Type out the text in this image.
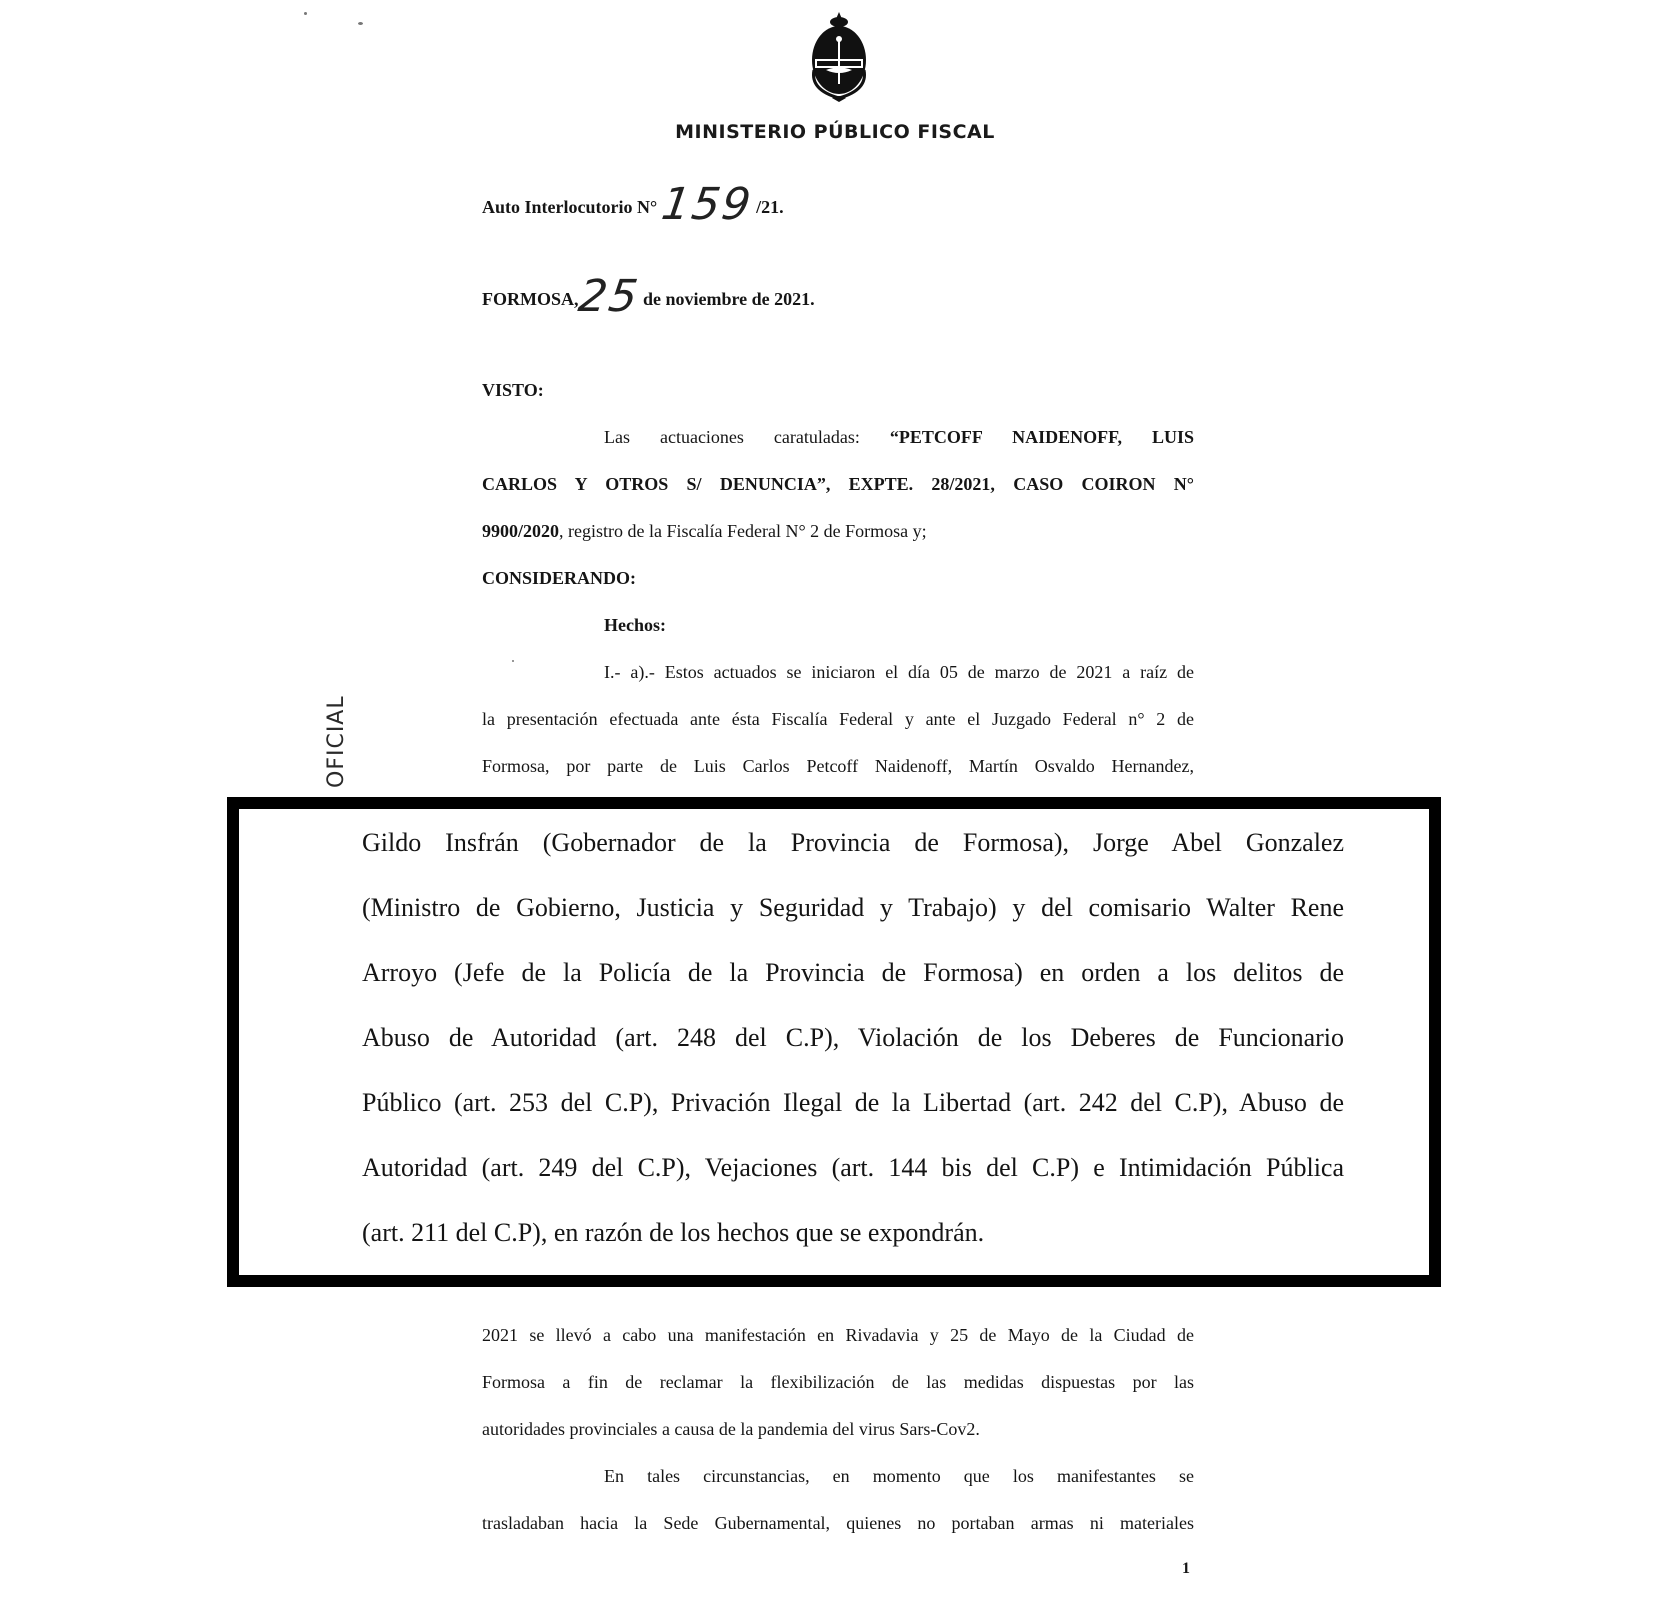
MINISTERIO PÚBLICO FISCAL
Auto Interlocutorio N° 159 /21.
FORMOSA,25 de noviembre de 2021.
VISTO:
Las actuaciones caratuladas: “PETCOFF NAIDENOFF, LUIS
CARLOS Y OTROS S/ DENUNCIA”, EXPTE. 28/2021, CASO COIRON N°
9900/2020, registro de la Fiscalía Federal N° 2 de Formosa y;
CONSIDERANDO:
Hechos:
I.- a).- Estos actuados se iniciaron el día 05 de marzo de 2021 a raíz de
la presentación efectuada ante ésta Fiscalía Federal y ante el Juzgado Federal n° 2 de
Formosa, por parte de Luis Carlos Petcoff Naidenoff, Martín Osvaldo Hernandez,
OFICIAL
Gildo Insfrán (Gobernador de la Provincia de Formosa), Jorge Abel Gonzalez
(Ministro de Gobierno, Justicia y Seguridad y Trabajo) y del comisario Walter Rene
Arroyo (Jefe de la Policía de la Provincia de Formosa) en orden a los delitos de
Abuso de Autoridad (art. 248 del C.P), Violación de los Deberes de Funcionario
Público (art. 253 del C.P), Privación Ilegal de la Libertad (art. 242 del C.P), Abuso de
Autoridad (art. 249 del C.P), Vejaciones (art. 144 bis del C.P) e Intimidación Pública
(art. 211 del C.P), en razón de los hechos que se expondrán.
2021 se llevó a cabo una manifestación en Rivadavia y 25 de Mayo de la Ciudad de
Formosa a fin de reclamar la flexibilización de las medidas dispuestas por las
autoridades provinciales a causa de la pandemia del virus Sars-Cov2.
En tales circunstancias, en momento que los manifestantes se
trasladaban hacia la Sede Gubernamental, quienes no portaban armas ni materiales
1
